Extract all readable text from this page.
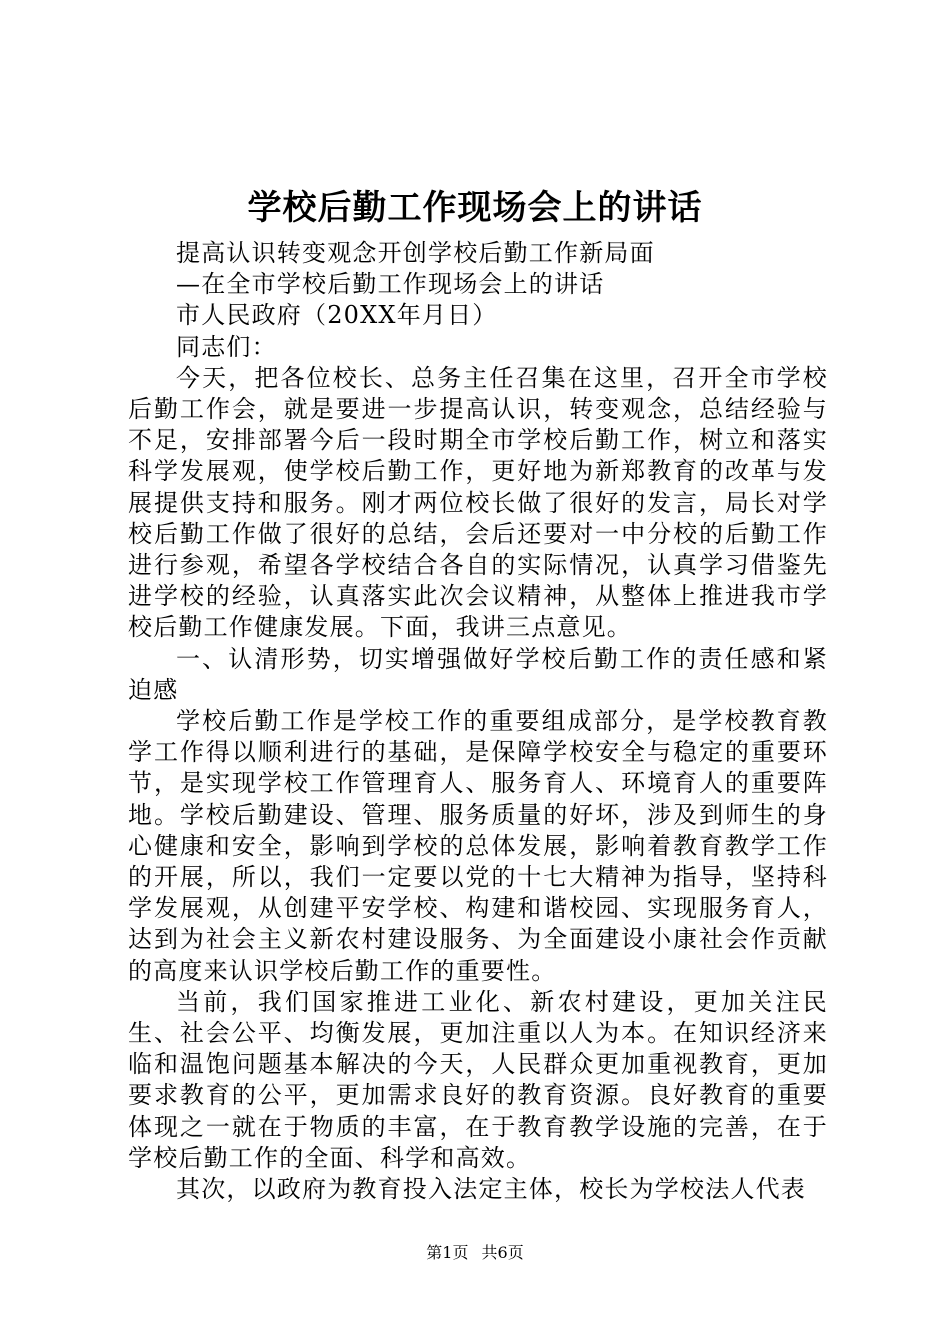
学校后勤工作现场会上的讲话

提高认识转变观念开创学校后勤工作新局面

—在全市学校后勤工作现场会上的讲话

市人民政府（20XX年月日）

同志们：

今天，把各位校长、总务主任召集在这里，召开全市学校后勤工作会，就是要进一步提高认识，转变观念，总结经验与不足，安排部署今后一段时期全市学校后勤工作，树立和落实科学发展观，使学校后勤工作，更好地为新郑教育的改革与发展提供支持和服务。刚才两位校长做了很好的发言，局长对学校后勤工作做了很好的总结，会后还要对一中分校的后勤工作进行参观，希望各学校结合各自的实际情况，认真学习借鉴先进学校的经验，认真落实此次会议精神，从整体上推进我市学校后勤工作健康发展。下面，我讲三点意见。

一、认清形势，切实增强做好学校后勤工作的责任感和紧迫感

学校后勤工作是学校工作的重要组成部分，是学校教育教学工作得以顺利进行的基础，是保障学校安全与稳定的重要环节，是实现学校工作管理育人、服务育人、环境育人的重要阵地。学校后勤建设、管理、服务质量的好坏，涉及到师生的身心健康和安全，影响到学校的总体发展，影响着教育教学工作的开展，所以，我们一定要以党的十七大精神为指导，坚持科学发展观，从创建平安学校、构建和谐校园、实现服务育人，达到为社会主义新农村建设服务、为全面建设小康社会作贡献的高度来认识学校后勤工作的重要性。

当前，我们国家推进工业化、新农村建设，更加关注民生、社会公平、均衡发展，更加注重以人为本。在知识经济来临和温饱问题基本解决的今天，人民群众更加重视教育，更加要求教育的公平，更加需求良好的教育资源。良好教育的重要体现之一就在于物质的丰富，在于教育教学设施的完善，在于学校后勤工作的全面、科学和高效。

其次，以政府为教育投入法定主体，校长为学校法人代表

第1页 共6页
